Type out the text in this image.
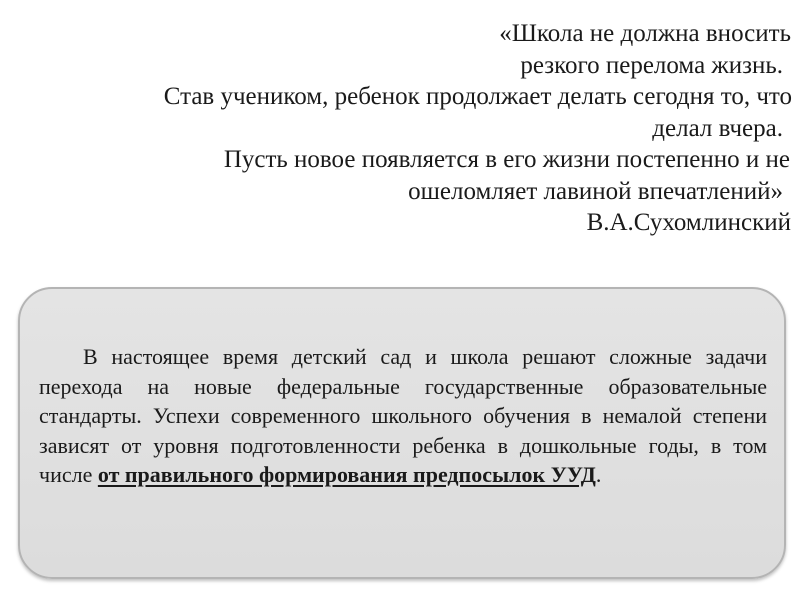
«Школа не должна вносить
резкого перелома жизнь.
Став учеником, ребенок продолжает делать сегодня то, что
делал вчера.
Пусть новое появляется в его жизни постепенно и не
ошеломляет лавиной впечатлений»
В.А.Сухомлинский
В настоящее время детский сад и школа решают сложные задачи перехода на новые федеральные государственные образовательные стандарты. Успехи современного школьного обучения в немалой степени зависят от уровня подготовленности ребенка в дошкольные годы, в том числе от правильного формирования предпосылок УУД.
